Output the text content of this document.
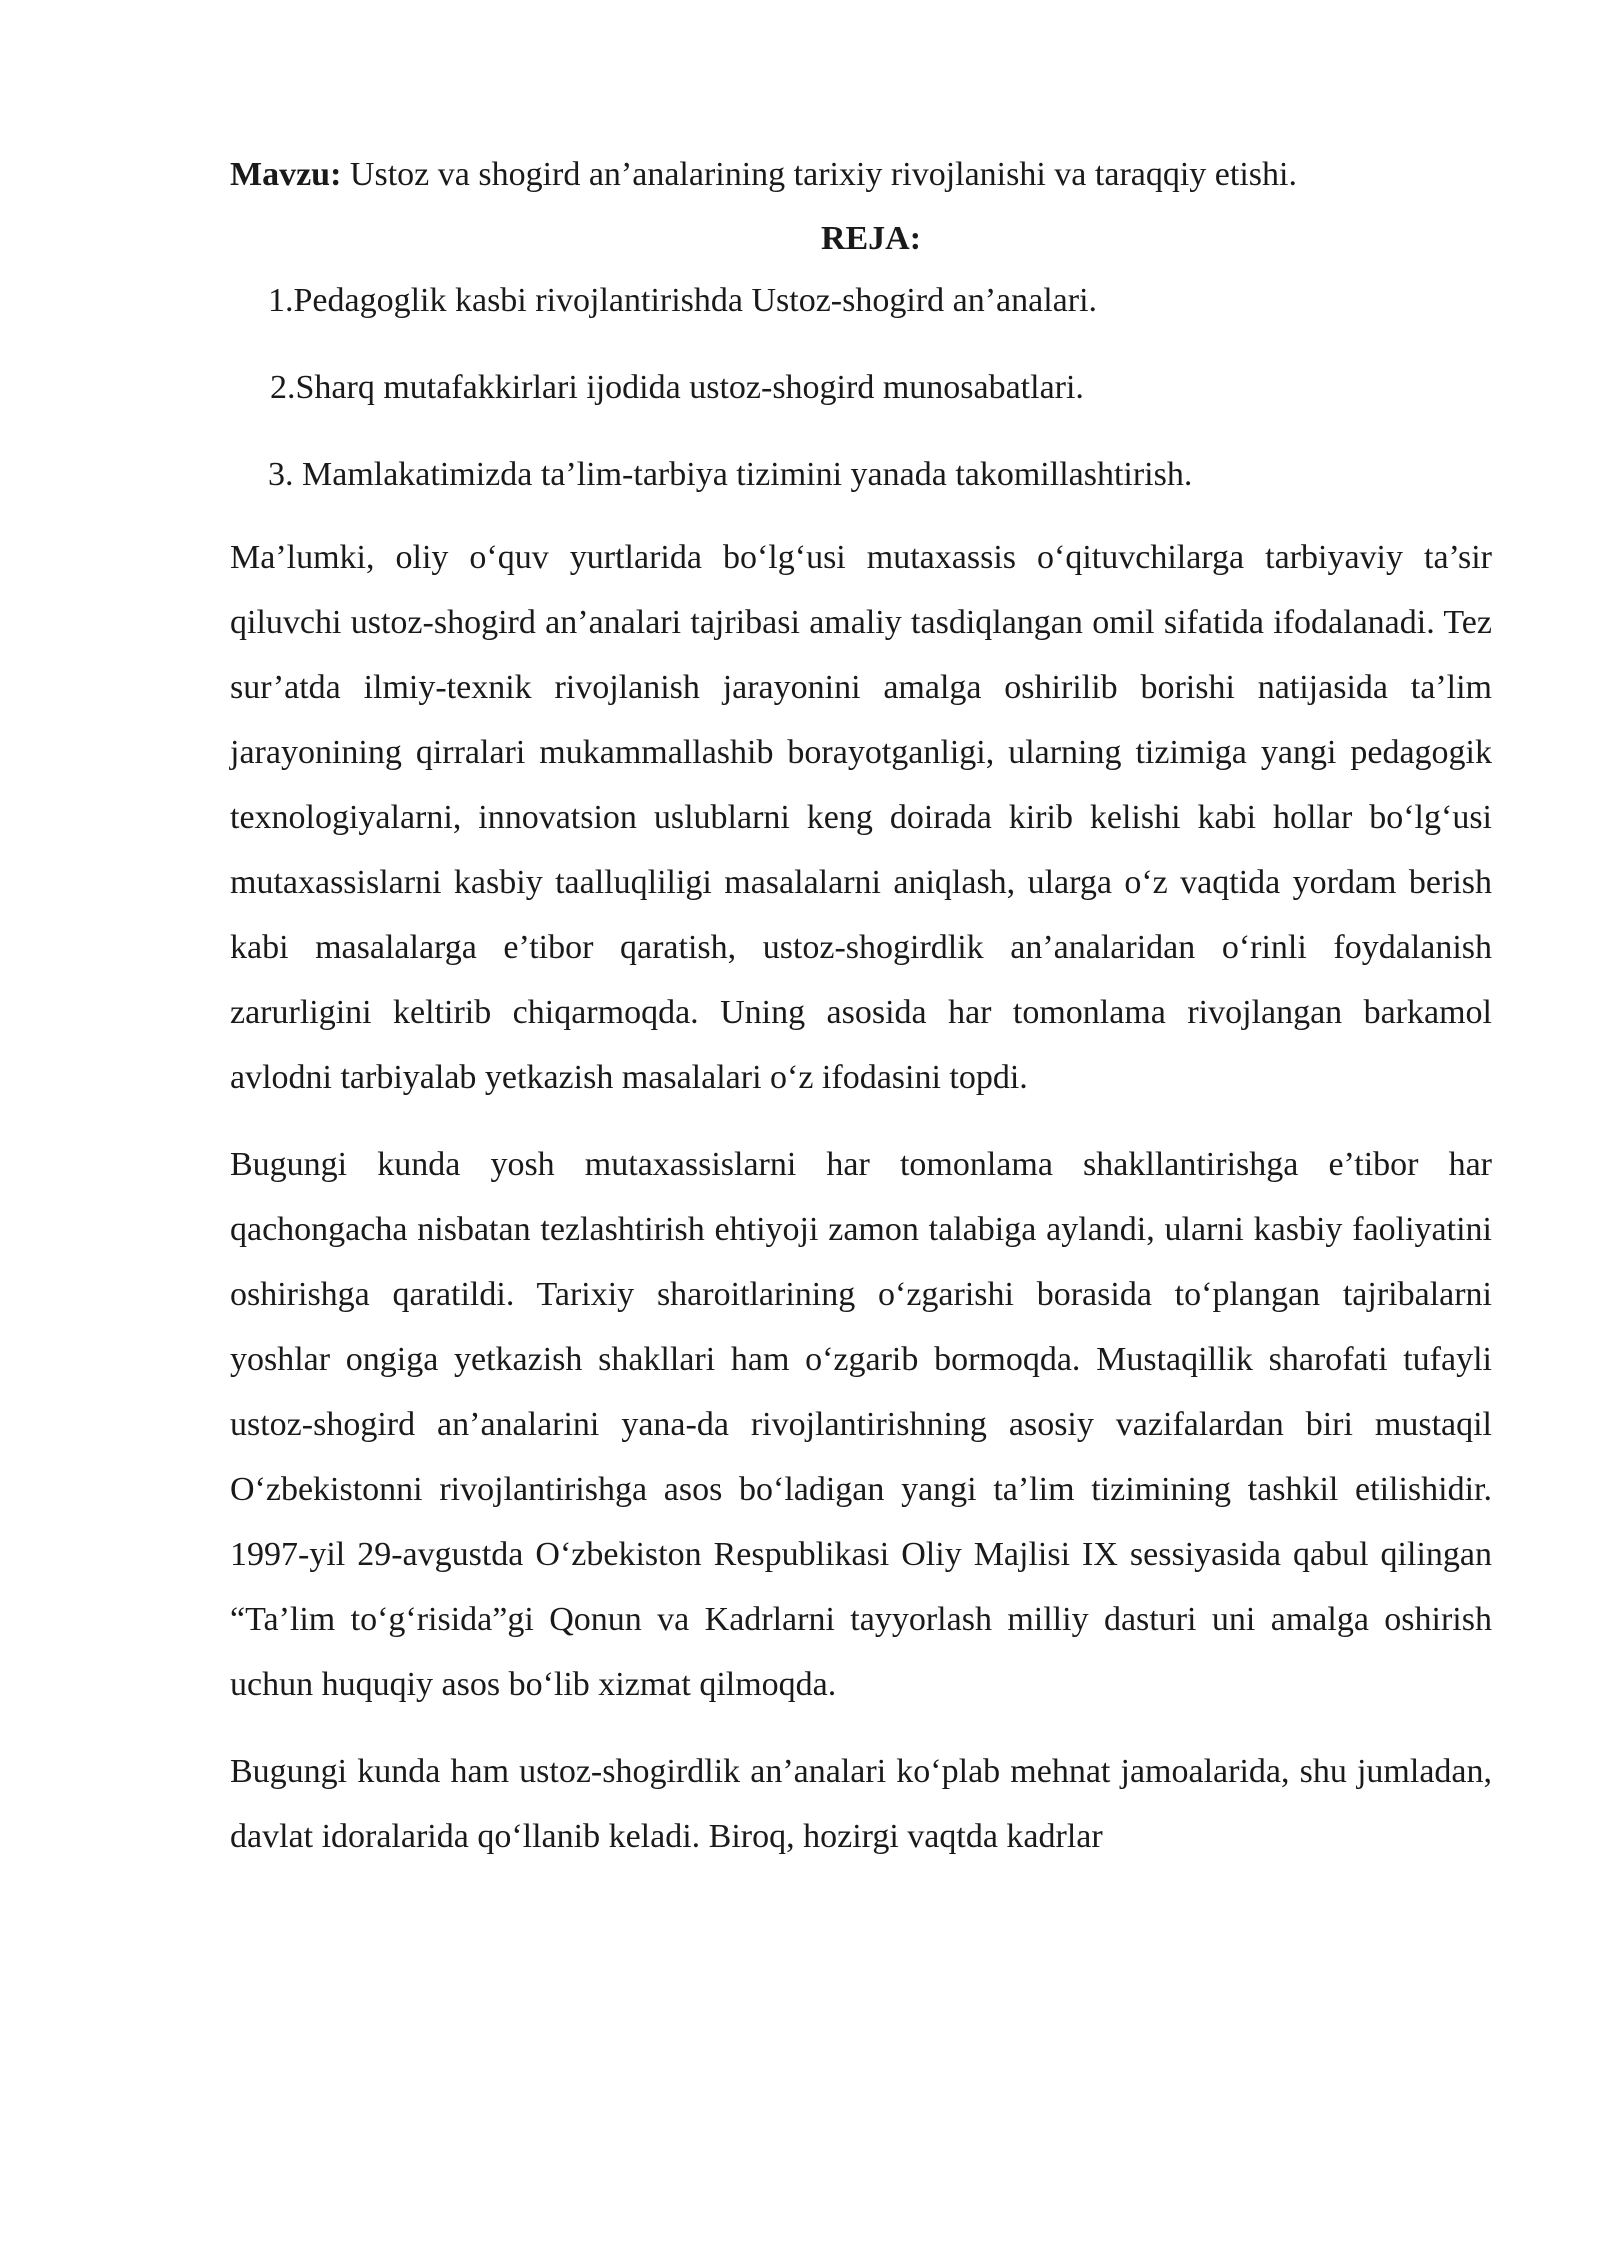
Mavzu: Ustoz va shogird an’analarining tarixiy rivojlanishi va taraqqiy etishi.

REJA:

1.Pedagoglik kasbi rivojlantirishda Ustoz-shogird an’analari.
2.Sharq mutafakkirlari ijodida ustoz-shogird munosabatlari.
3. Mamlakatimizda ta’lim-tarbiya tizimini yanada takomillashtirish.

Ma’lumki, oliy o‘quv yurtlarida bo‘lg‘usi mutaxassis o‘qituvchilarga tarbiyaviy ta’sir qiluvchi ustoz-shogird an’analari tajribasi amaliy tasdiqlangan omil sifatida ifodalanadi. Tez sur’atda ilmiy-texnik rivojlanish jarayonini amalga oshirilib borishi natijasida ta’lim jarayonining qirralari mukammallashib borayotganligi, ularning tizimiga yangi pedagogik texnologiyalarni, innovatsion uslublarni keng doirada kirib kelishi kabi hollar bo‘lg‘usi mutaxassislarni kasbiy taalluqliligi masalalarni aniqlash, ularga o‘z vaqtida yordam berish kabi masalalarga e’tibor qaratish, ustoz-shogirdlik an’analaridan o‘rinli foydalanish zarurligini keltirib chiqarmoqda. Uning asosida har tomonlama rivojlangan barkamol avlodni tarbiyalab yetkazish masalalari o‘z ifodasini topdi.

Bugungi kunda yosh mutaxassislarni har tomonlama shakllantirishga e’tibor har qachongacha nisbatan tezlashtirish ehtiyoji zamon talabiga aylandi, ularni kasbiy faoliyatini oshirishga qaratildi. Tarixiy sharoitlarining o‘zgarishi borasida to‘plangan tajribalarni yoshlar ongiga yetkazish shakllari ham o‘zgarib bormoqda. Mustaqillik sharofati tufayli ustoz-shogird an’analarini yana-da rivojlantirishning asosiy vazifalardan biri mustaqil O‘zbekistonni rivojlantirishga asos bo‘ladigan yangi ta’lim tizimining tashkil etilishidir. 1997-yil 29-avgustda O‘zbekiston Respublikasi Oliy Majlisi IX sessiyasida qabul qilingan “Ta’lim to‘g‘risida”gi Qonun va Kadrlarni tayyorlash milliy dasturi uni amalga oshirish uchun huquqiy asos bo‘lib xizmat qilmoqda.

Bugungi kunda ham ustoz-shogirdlik an’analari ko‘plab mehnat jamoalarida, shu jumladan, davlat idoralarida qo‘llanib keladi. Biroq, hozirgi vaqtda kadrlar
